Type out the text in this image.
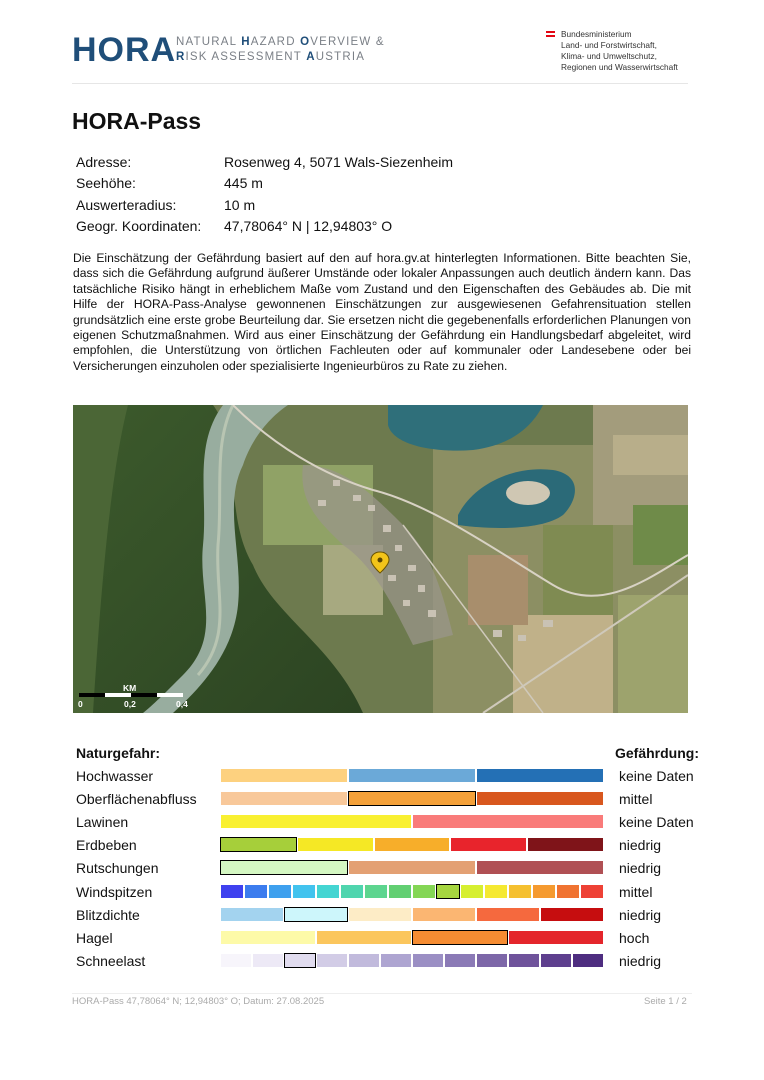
HORA NATURAL HAZARD OVERVIEW &
RISK ASSESSMENT AUSTRIA
Bundesministerium
Land- und Forstwirtschaft,
Klima- und Umweltschutz,
Regionen und Wasserwirtschaft
HORA-Pass
Adresse:	Rosenweg 4, 5071 Wals-Siezenheim
Seehöhe:	445 m
Auswerteradius:	10 m
Geogr. Koordinaten:	47,78064° N | 12,94803° O
Die Einschätzung der Gefährdung basiert auf den auf hora.gv.at hinterlegten Informationen. Bitte beachten Sie, dass sich die Gefährdung aufgrund äußerer Umstände oder lokaler Anpassungen auch deutlich ändern kann. Das tatsächliche Risiko hängt in erheblichem Maße vom Zustand und den Eigenschaften des Gebäudes ab. Die mit Hilfe der HORA-Pass-Analyse gewonnenen Einschätzungen zur ausgewiesenen Gefahrensituation stellen grundsätzlich eine erste grobe Beurteilung dar. Sie ersetzen nicht die gegebenenfalls erforderlichen Planungen von eigenen Schutzmaßnahmen. Wird aus einer Einschätzung der Gefährdung ein Handlungsbedarf abgeleitet, wird empfohlen, die Unterstützung von örtlichen Fachleuten oder auf kommunaler oder Landesebene oder bei Versicherungen einzuholen oder spezialisierte Ingenieurbüros zu Rate zu ziehen.
KM
0	0,2	0,4
Naturgefahr:	Gefährdung:
Hochwasser	keine Daten
Oberflächenabfluss	mittel
Lawinen	keine Daten
Erdbeben	niedrig
Rutschungen	niedrig
Windspitzen	mittel
Blitzdichte	niedrig
Hagel	hoch
Schneelast	niedrig
HORA-Pass 47,78064° N; 12,94803° O; Datum: 27.08.2025	Seite 1 / 2
